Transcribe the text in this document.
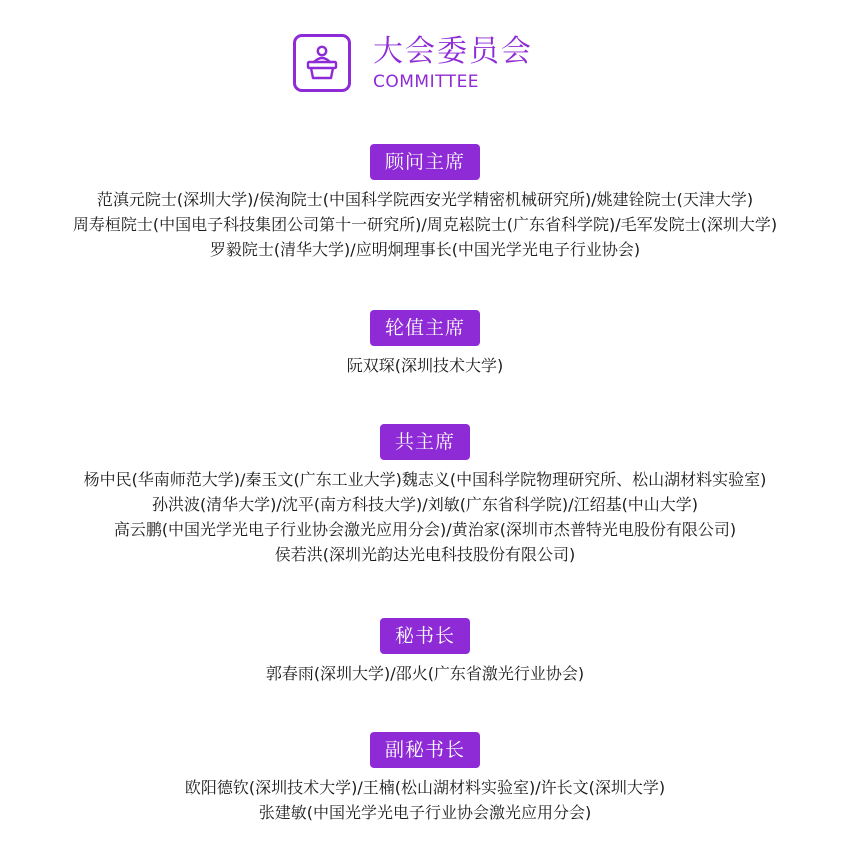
大会委员会
COMMITTEE
顾问主席
范滇元院士(深圳大学)/侯洵院士(中国科学院西安光学精密机械研究所)/姚建铨院士(天津大学)
周寿桓院士(中国电子科技集团公司第十一研究所)/周克崧院士(广东省科学院)/毛军发院士(深圳大学)
罗毅院士(清华大学)/应明炯理事长(中国光学光电子行业协会)
轮值主席
阮双琛(深圳技术大学)
共主席
杨中民(华南师范大学)/秦玉文(广东工业大学)魏志义(中国科学院物理研究所、松山湖材料实验室)
孙洪波(清华大学)/沈平(南方科技大学)/刘敏(广东省科学院)/江绍基(中山大学)
高云鹏(中国光学光电子行业协会激光应用分会)/黄治家(深圳市杰普特光电股份有限公司)
侯若洪(深圳光韵达光电科技股份有限公司)
秘书长
郭春雨(深圳大学)/邵火(广东省激光行业协会)
副秘书长
欧阳德钦(深圳技术大学)/王楠(松山湖材料实验室)/许长文(深圳大学)
张建敏(中国光学光电子行业协会激光应用分会)
